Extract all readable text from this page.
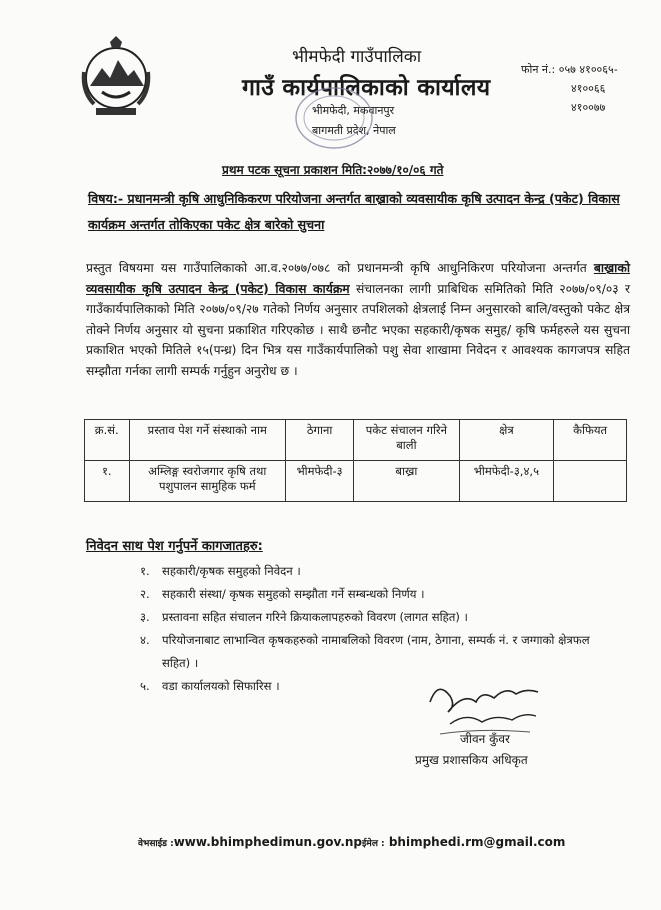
भीमफेदी गाउँपालिका
गाउँ कार्यपालिकाको कार्यालय
भीमफेदी, मकवानपुर
बागमती प्रदेश, नेपाल
फोन नं.: ०५७ ४१००६५-
४१००६६
४१००७७
प्रथम पटक सूचना प्रकाशन मिति:२०७७/१०/०६ गते
विषय:- प्रधानमन्त्री कृषि आधुनिकिकरण परियोजना अन्तर्गत बाख्राको व्यवसायीक कृषि उत्पादन केन्द्र (पकेट) विकास कार्यक्रम अन्तर्गत तोकिएका पकेट क्षेत्र बारेको सुचना
प्रस्तुत विषयमा यस गाउँपालिकाको आ.व.२०७७/०७८ को प्रधानमन्त्री कृषि आधुनिकिरण परियोजना अन्तर्गत बाख्राको व्यवसायीक कृषि उत्पादन केन्द्र (पकेट) विकास कार्यक्रम संचालनका लागी प्राबिधिक समितिको मिति २०७७/०९/०३ र गाउँकार्यपालिकाको मिति २०७७/०९/२७ गतेको निर्णय अनुसार तपशिलको क्षेत्रलाई निम्न अनुसारको बालि/वस्तुको पकेट क्षेत्र तोक्ने निर्णय अनुसार यो सुचना प्रकाशित गरिएकोछ । साथै छनौट भएका सहकारी/कृषक समुह/ कृषि फर्महरुले यस सुचना प्रकाशित भएको मितिले १५(पन्ध्र) दिन भित्र यस गाउँकार्यपालिको पशु सेवा शाखामा निवेदन र आवश्यक कागजपत्र सहित सम्झौता गर्नका लागी सम्पर्क गर्नुहुन अनुरोध छ ।
क्र.सं.	प्रस्ताव पेश गर्ने संस्थाको नाम	ठेगाना	पकेट संचालन गरिने बाली	क्षेत्र	कैफियत
१.	अम्लिङ्ग स्वरोजगार कृषि तथा पशुपालन सामुहिक फर्म	भीमफेदी-३	बाख्रा	भीमफेदी-३,४,५	
निवेदन साथ पेश गर्नुपर्ने कागजातहरु:
१. सहकारी/कृषक समुहको निवेदन ।
२. सहकारी संस्था/ कृषक समुहको सम्झौता गर्ने सम्बन्धको निर्णय ।
३. प्रस्तावना सहित संचालन गरिने क्रियाकलापहरुको विवरण (लागत सहित) ।
४. परियोजनाबाट लाभान्वित कृषकहरुको नामाबलिको विवरण (नाम, ठेगाना, सम्पर्क नं. र जग्गाको क्षेत्रफल सहित) ।
५. वडा कार्यालयको सिफारिस ।
जीवन कुँवर
प्रमुख प्रशासकिय अधिकृत
वेभसाईड :www.bhimphedimun.gov.npईमेल : bhimphedi.rm@gmail.com
